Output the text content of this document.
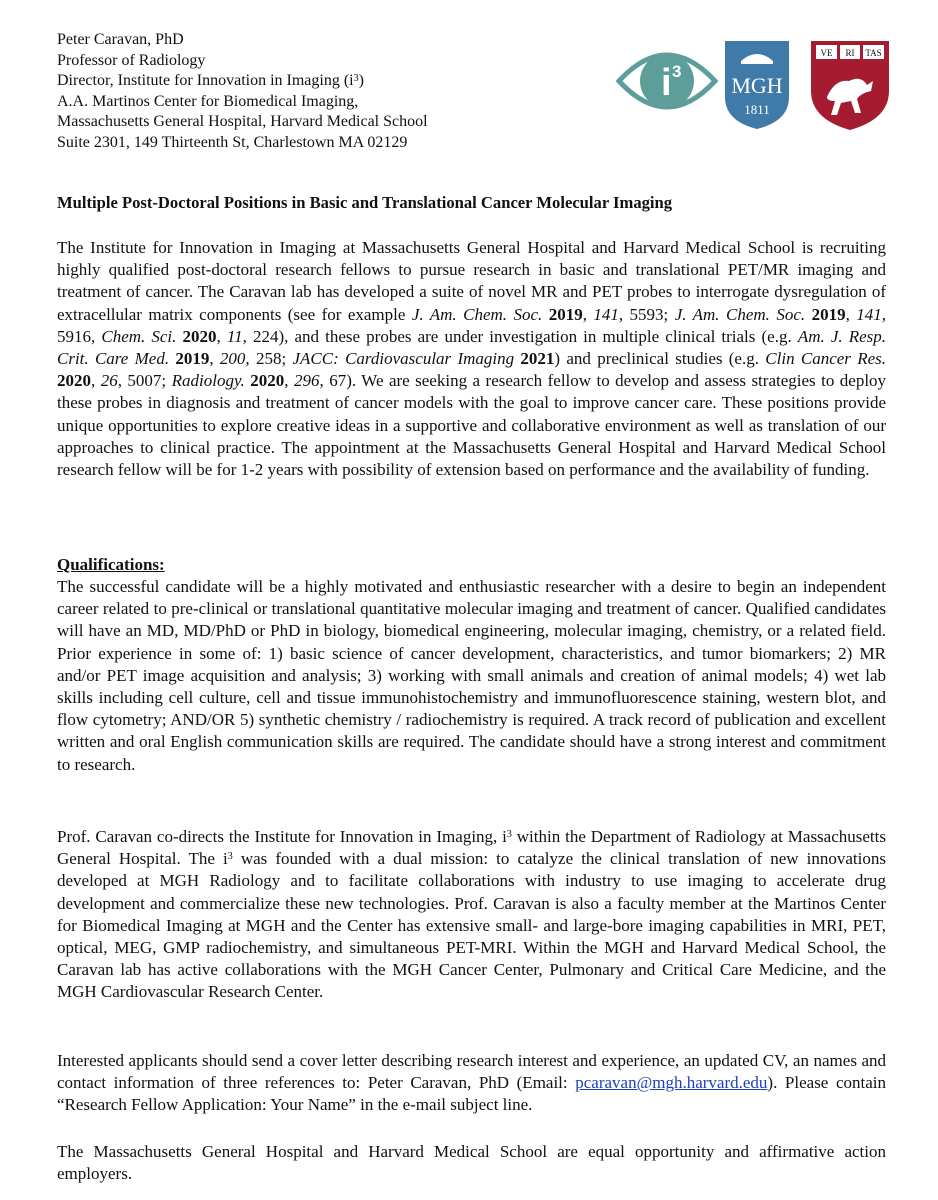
Peter Caravan, PhD
Professor of Radiology
Director, Institute for Innovation in Imaging $(i^3)$
A.A. Martinos Center for Biomedical Imaging,
Massachusetts General Hospital, Harvard Medical School
Suite 2301, 149 Thirteenth St, Charlestown MA 02129
i 3
MGH
1811
VE RI TAS
Multiple Post-Doctoral Positions in Basic and Translational Cancer Molecular Imaging
The Institute for Innovation in Imaging at Massachusetts General Hospital and Harvard Medical School is recruiting highly qualified post-doctoral research fellows to pursue research in basic and translational PET/MR imaging and treatment of cancer. The Caravan lab has developed a suite of novel MR and PET probes to interrogate dysregulation of extracellular matrix components (see for example J. Am. Chem. Soc. 2019, 141, 5593; J. Am. Chem. Soc. 2019, 141, 5916, Chem. Sci. 2020, 11, 224), and these probes are under investigation in multiple clinical trials (e.g. Am. J. Resp. Crit. Care Med. 2019, 200, 258; JACC: Cardiovascular Imaging 2021) and preclinical studies (e.g. Clin Cancer Res. 2020, 26, 5007; Radiology. 2020, 296, 67). We are seeking a research fellow to develop and assess strategies to deploy these probes in diagnosis and treatment of cancer models with the goal to improve cancer care. These positions provide unique opportunities to explore creative ideas in a supportive and collaborative environment as well as translation of our approaches to clinical practice. The appointment at the Massachusetts General Hospital and Harvard Medical School research fellow will be for 1-2 years with possibility of extension based on performance and the availability of funding.
Qualifications:
The successful candidate will be a highly motivated and enthusiastic researcher with a desire to begin an independent career related to pre-clinical or translational quantitative molecular imaging and treatment of cancer. Qualified candidates will have an MD, MD/PhD or PhD in biology, biomedical engineering, molecular imaging, chemistry, or a related field. Prior experience in some of: 1) basic science of cancer development, characteristics, and tumor biomarkers; 2) MR and/or PET image acquisition and analysis; 3) working with small animals and creation of animal models; 4) wet lab skills including cell culture, cell and tissue immunohistochemistry and immunofluorescence staining, western blot, and flow cytometry; AND/OR 5) synthetic chemistry / radiochemistry is required. A track record of publication and excellent written and oral English communication skills are required. The candidate should have a strong interest and commitment to research.
Prof. Caravan co-directs the Institute for Innovation in Imaging, $i^3$ within the Department of Radiology at Massachusetts General Hospital. The $i^3$ was founded with a dual mission: to catalyze the clinical translation of new innovations developed at MGH Radiology and to facilitate collaborations with industry to use imaging to accelerate drug development and commercialize these new technologies. Prof. Caravan is also a faculty member at the Martinos Center for Biomedical Imaging at MGH and the Center has extensive small- and large-bore imaging capabilities in MRI, PET, optical, MEG, GMP radiochemistry, and simultaneous PET-MRI. Within the MGH and Harvard Medical School, the Caravan lab has active collaborations with the MGH Cancer Center, Pulmonary and Critical Care Medicine, and the MGH Cardiovascular Research Center.
Interested applicants should send a cover letter describing research interest and experience, an updated CV, an names and contact information of three references to: Peter Caravan, PhD (Email: pcaravan@mgh.harvard.edu). Please contain “Research Fellow Application: Your Name” in the e-mail subject line.
The Massachusetts General Hospital and Harvard Medical School are equal opportunity and affirmative action employers.
